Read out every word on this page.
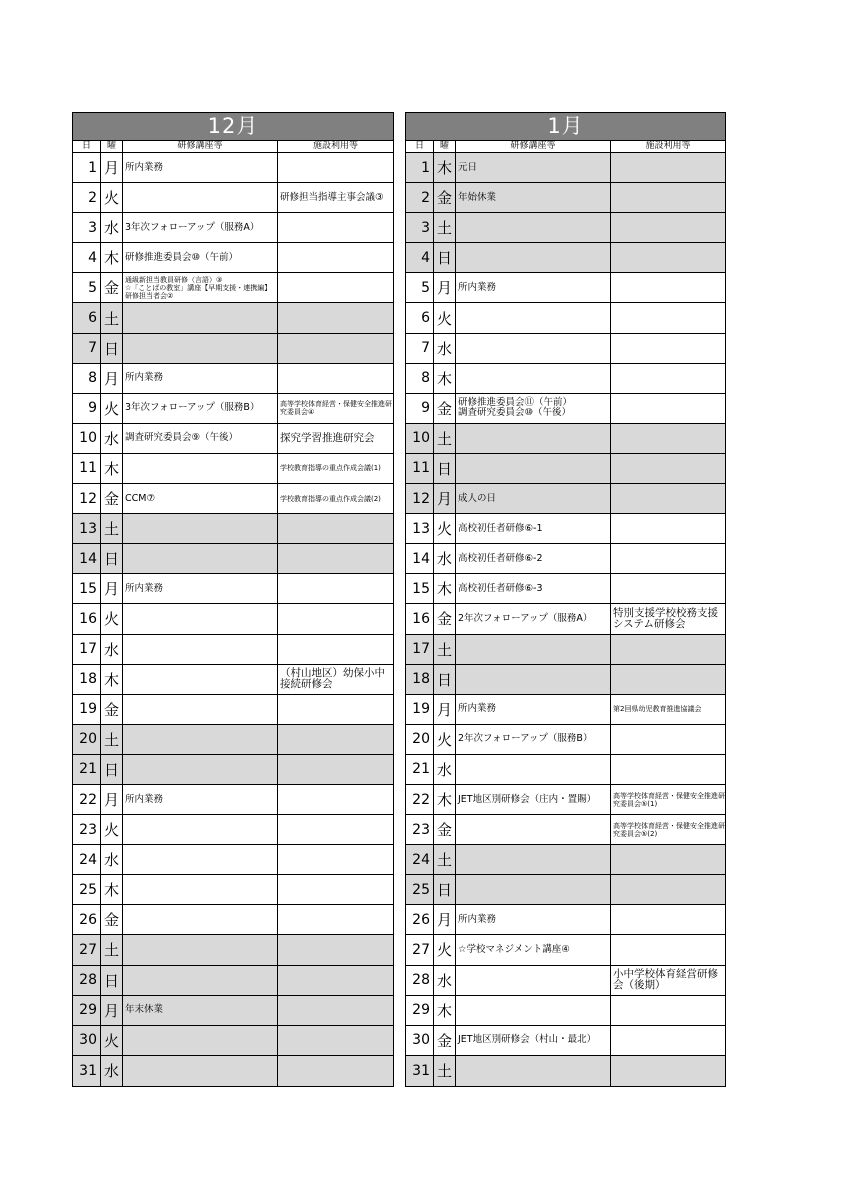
12月
日	曜	研修講座等	施設利用等
1 月 所内業務
2 火	研修担当指導主事会議③
3 水 3年次フォローアップ（服務A）
4 木 研修推進委員会⑩（午前）
5 金 通級新担当教員研修（言語）③
☆「ことばの教室」講座【早期支援・連携編】
研修担当者会②
6 土
7 日
8 月 所内業務
9 火 3年次フォローアップ（服務B）	高等学校体育経営・保健安全推進研究委員会④
10 水 調査研究委員会⑨（午後）	探究学習推進研究会
11 木	学校教育指導の重点作成会議(1)
12 金 CCM⑦	学校教育指導の重点作成会議(2)
13 土
14 日
15 月 所内業務
16 火
17 水
18 木	（村山地区）幼保小中接続研修会
19 金
20 土
21 日
22 月 所内業務
23 火
24 水
25 木
26 金
27 土
28 日
29 月 年末休業
30 火
31 水
1月
日	曜	研修講座等	施設利用等
1 木 元日
2 金 年始休業
3 土
4 日
5 月 所内業務
6 火
7 水
8 木
9 金 研修推進委員会⑪（午前）
調査研究委員会⑩（午後）
10 土
11 日
12 月 成人の日
13 火 高校初任者研修⑥-1
14 水 高校初任者研修⑥-2
15 木 高校初任者研修⑥-3
16 金 2年次フォローアップ（服務A）	特別支援学校校務支援システム研修会
17 土
18 日
19 月 所内業務	第2回県幼児教育推進協議会
20 火 2年次フォローアップ（服務B）
21 水
22 木 JET地区別研修会（庄内・置賜）	高等学校体育経営・保健安全推進研究委員会⑤(1)
23 金	高等学校体育経営・保健安全推進研究委員会⑤(2)
24 土
25 日
26 月 所内業務
27 火 ☆学校マネジメント講座④
28 水	小中学校体育経営研修会（後期）
29 木
30 金 JET地区別研修会（村山・最北）
31 土
